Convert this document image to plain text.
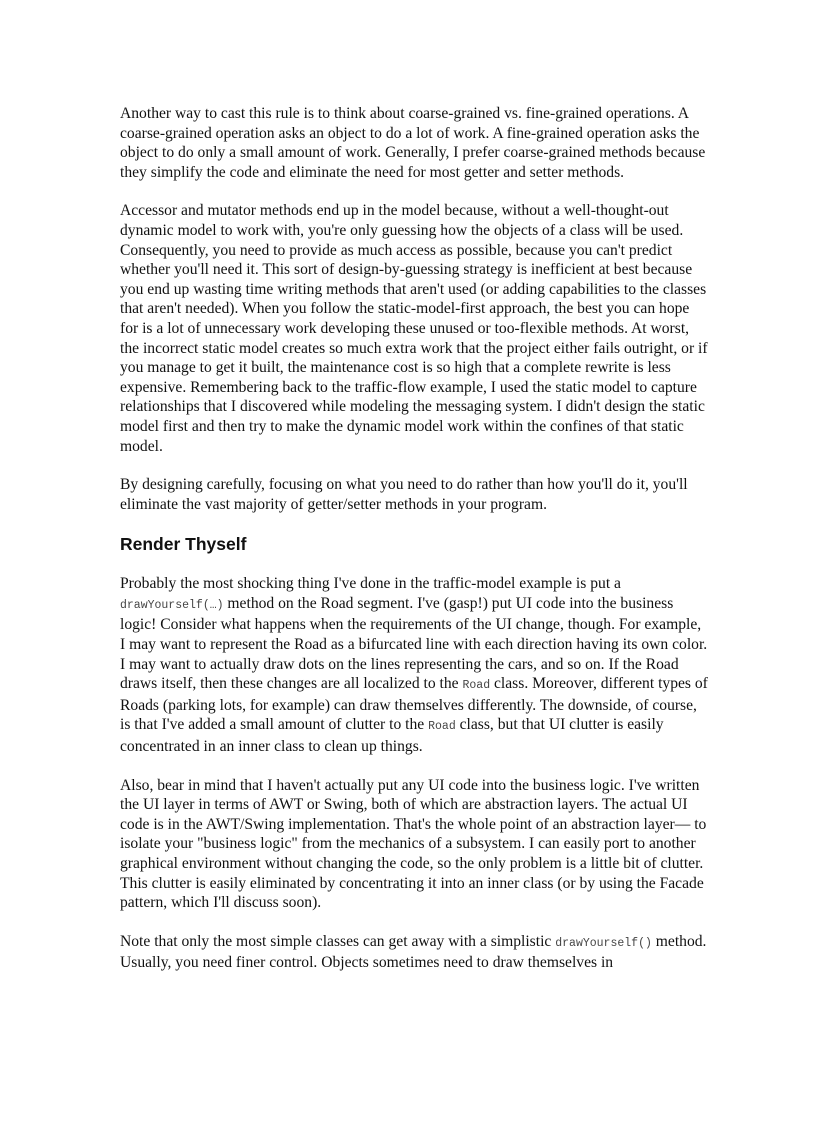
Another way to cast this rule is to think about coarse-grained vs. fine-grained operations. A coarse-grained operation asks an object to do a lot of work. A fine-grained operation asks the object to do only a small amount of work. Generally, I prefer coarse-grained methods because they simplify the code and eliminate the need for most getter and setter methods.

Accessor and mutator methods end up in the model because, without a well-thought-out dynamic model to work with, you're only guessing how the objects of a class will be used. Consequently, you need to provide as much access as possible, because you can't predict whether you'll need it. This sort of design-by-guessing strategy is inefficient at best because you end up wasting time writing methods that aren't used (or adding capabilities to the classes that aren't needed). When you follow the static-model-first approach, the best you can hope for is a lot of unnecessary work developing these unused or too-flexible methods. At worst, the incorrect static model creates so much extra work that the project either fails outright, or if you manage to get it built, the maintenance cost is so high that a complete rewrite is less expensive. Remembering back to the traffic-flow example, I used the static model to capture relationships that I discovered while modeling the messaging system. I didn't design the static model first and then try to make the dynamic model work within the confines of that static model.

By designing carefully, focusing on what you need to do rather than how you'll do it, you'll eliminate the vast majority of getter/setter methods in your program.

Render Thyself

Probably the most shocking thing I've done in the traffic-model example is put a drawYourself(…) method on the Road segment. I've (gasp!) put UI code into the business logic! Consider what happens when the requirements of the UI change, though. For example, I may want to represent the Road as a bifurcated line with each direction having its own color. I may want to actually draw dots on the lines representing the cars, and so on. If the Road draws itself, then these changes are all localized to the Road class. Moreover, different types of Roads (parking lots, for example) can draw themselves differently. The downside, of course, is that I've added a small amount of clutter to the Road class, but that UI clutter is easily concentrated in an inner class to clean up things.

Also, bear in mind that I haven't actually put any UI code into the business logic. I've written the UI layer in terms of AWT or Swing, both of which are abstraction layers. The actual UI code is in the AWT/Swing implementation. That's the whole point of an abstraction layer— to isolate your "business logic" from the mechanics of a subsystem. I can easily port to another graphical environment without changing the code, so the only problem is a little bit of clutter. This clutter is easily eliminated by concentrating it into an inner class (or by using the Facade pattern, which I'll discuss soon).

Note that only the most simple classes can get away with a simplistic drawYourself() method. Usually, you need finer control. Objects sometimes need to draw themselves in
